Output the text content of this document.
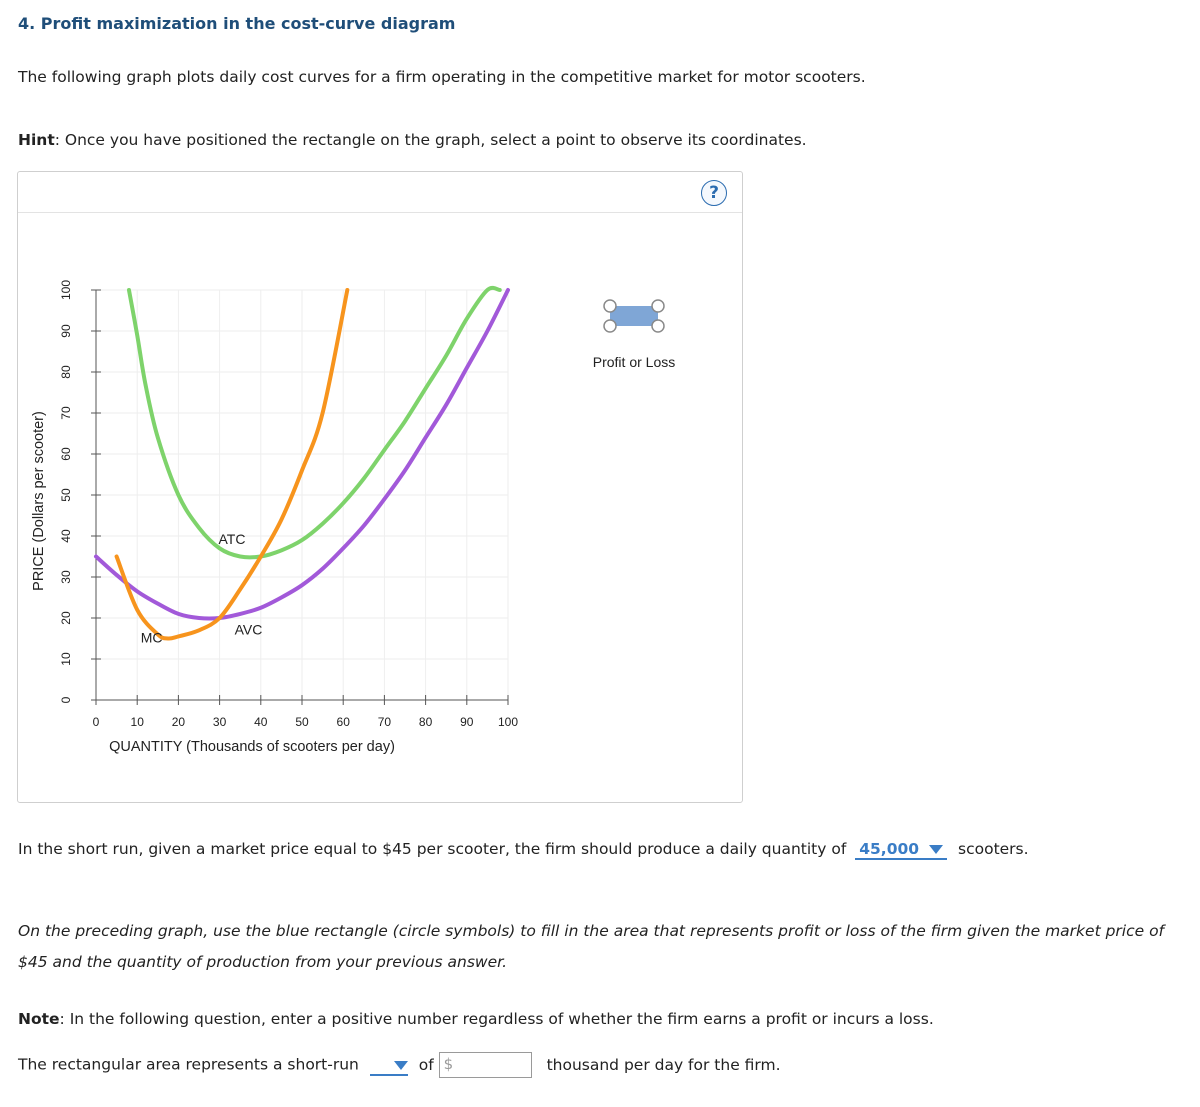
4. Profit maximization in the cost-curve diagram
The following graph plots daily cost curves for a firm operating in the competitive market for motor scooters.
Hint: Once you have positioned the rectangle on the graph, select a point to observe its coordinates.
?
0	10 20 30 40 50 60 70 80 90 100
0
10
20
30
40
50
60
70
80
90
100
QUANTITY (Thousands of scooters per day)
PRICE (Dollars per scooter)
MC
ATC
AVC
Profit or Loss
In the short run, given a market price equal to $45 per scooter, the firm should produce a daily quantity of 45,000	scooters.
On the preceding graph, use the blue rectangle (circle symbols) to fill in the area that represents profit or loss of the firm given the market price of $45 and the quantity of production from your previous answer.
Note: In the following question, enter a positive number regardless of whether the firm earns a profit or incurs a loss.
The rectangular area represents a short-run	of $	thousand per day for the firm.
